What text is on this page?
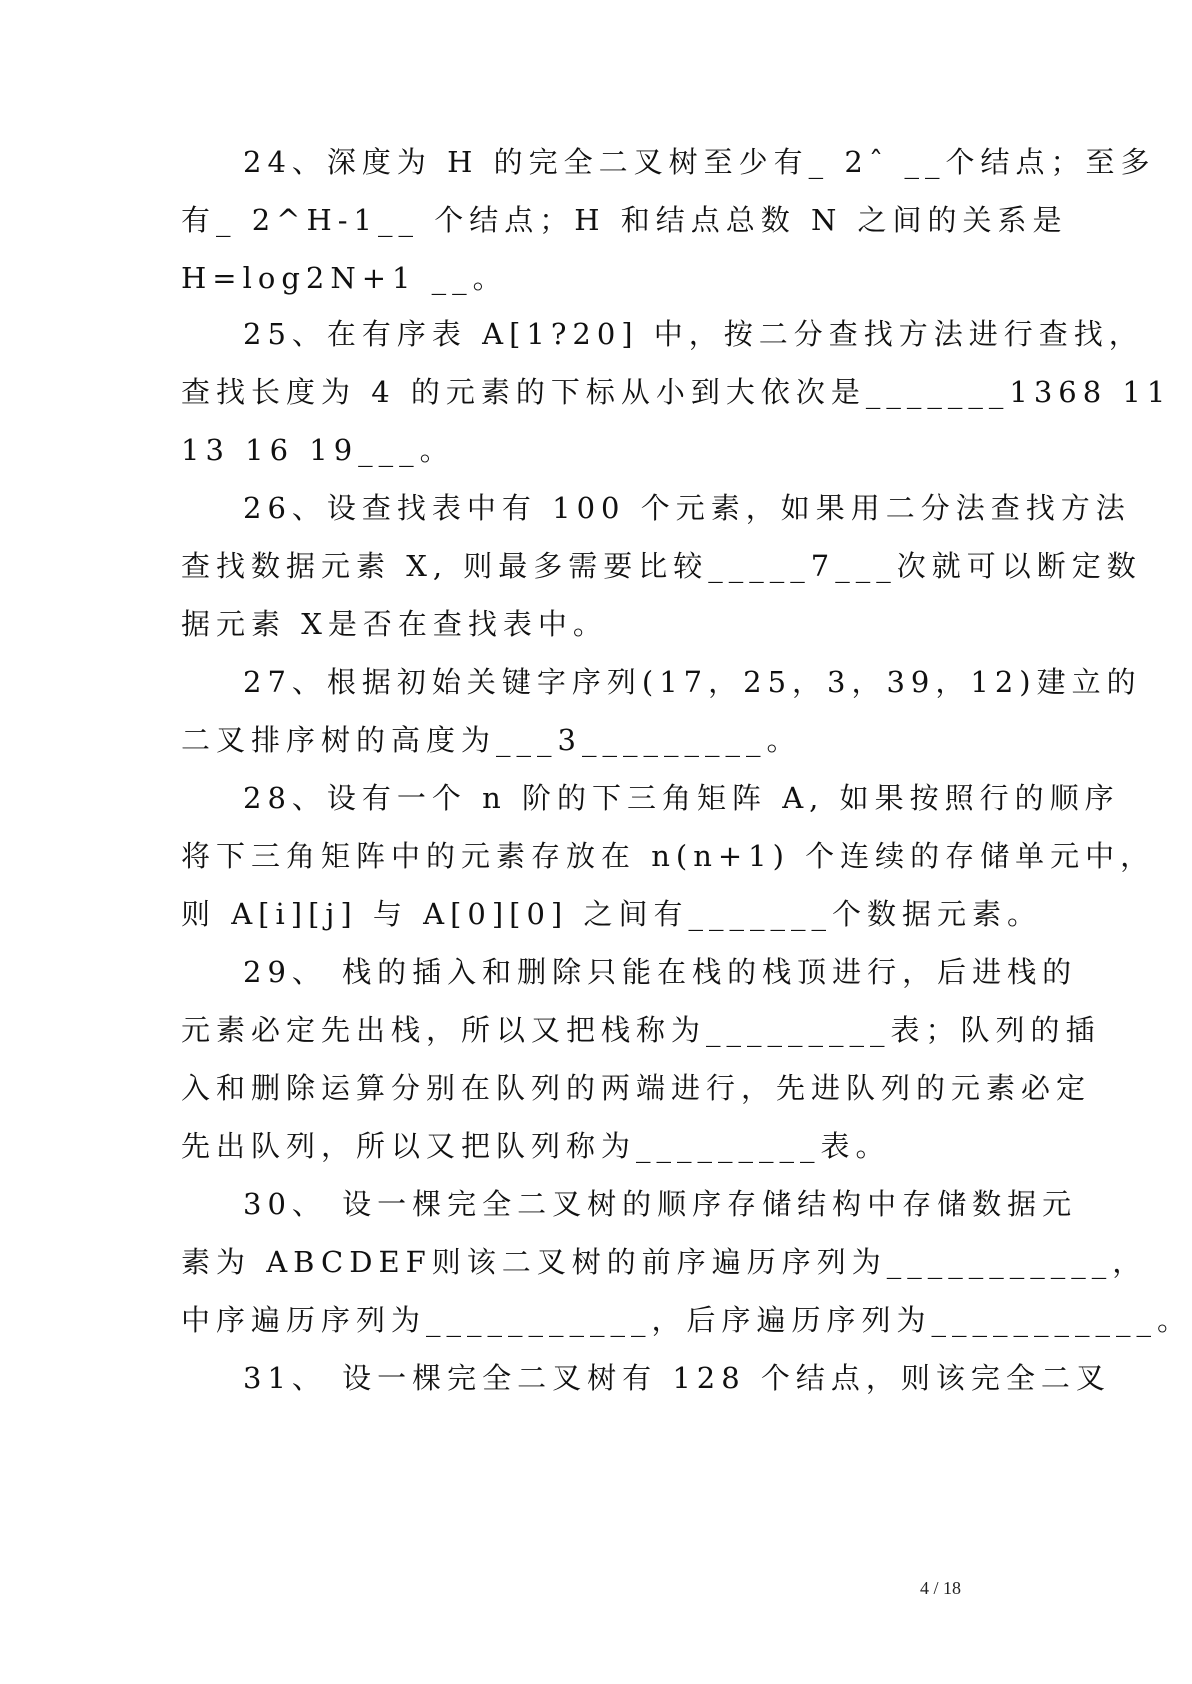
24、深度为 H 的完全二叉树至少有_ 2ˆ __个结点；至多
有_ 2^H-1__ 个结点；H 和结点总数 N 之间的关系是
H=log2N+1 __。
25、在有序表 A[1?20] 中，按二分查找方法进行查找，
查找长度为 4 的元素的下标从小到大依次是_______1368 11
13 16 19___。
26、设查找表中有 100 个元素，如果用二分法查找方法
查找数据元素 X, 则最多需要比较_____7___次就可以断定数
据元素 X是否在查找表中。
27、根据初始关键字序列(17，25，3，39，12)建立的
二叉排序树的高度为___3_________。
28、设有一个 n 阶的下三角矩阵 A, 如果按照行的顺序
将下三角矩阵中的元素存放在 n(n+1) 个连续的存储单元中，
则 A[i][j] 与 A[0][0] 之间有_______个数据元素。
29、 栈的插入和删除只能在栈的栈顶进行，后进栈的
元素必定先出栈，所以又把栈称为_________表；队列的插
入和删除运算分别在队列的两端进行，先进队列的元素必定
先出队列，所以又把队列称为_________表。
30、 设一棵完全二叉树的顺序存储结构中存储数据元
素为 ABCDEF则该二叉树的前序遍历序列为___________，
中序遍历序列为___________，后序遍历序列为___________。
31、 设一棵完全二叉树有 128 个结点，则该完全二叉
4 / 18
